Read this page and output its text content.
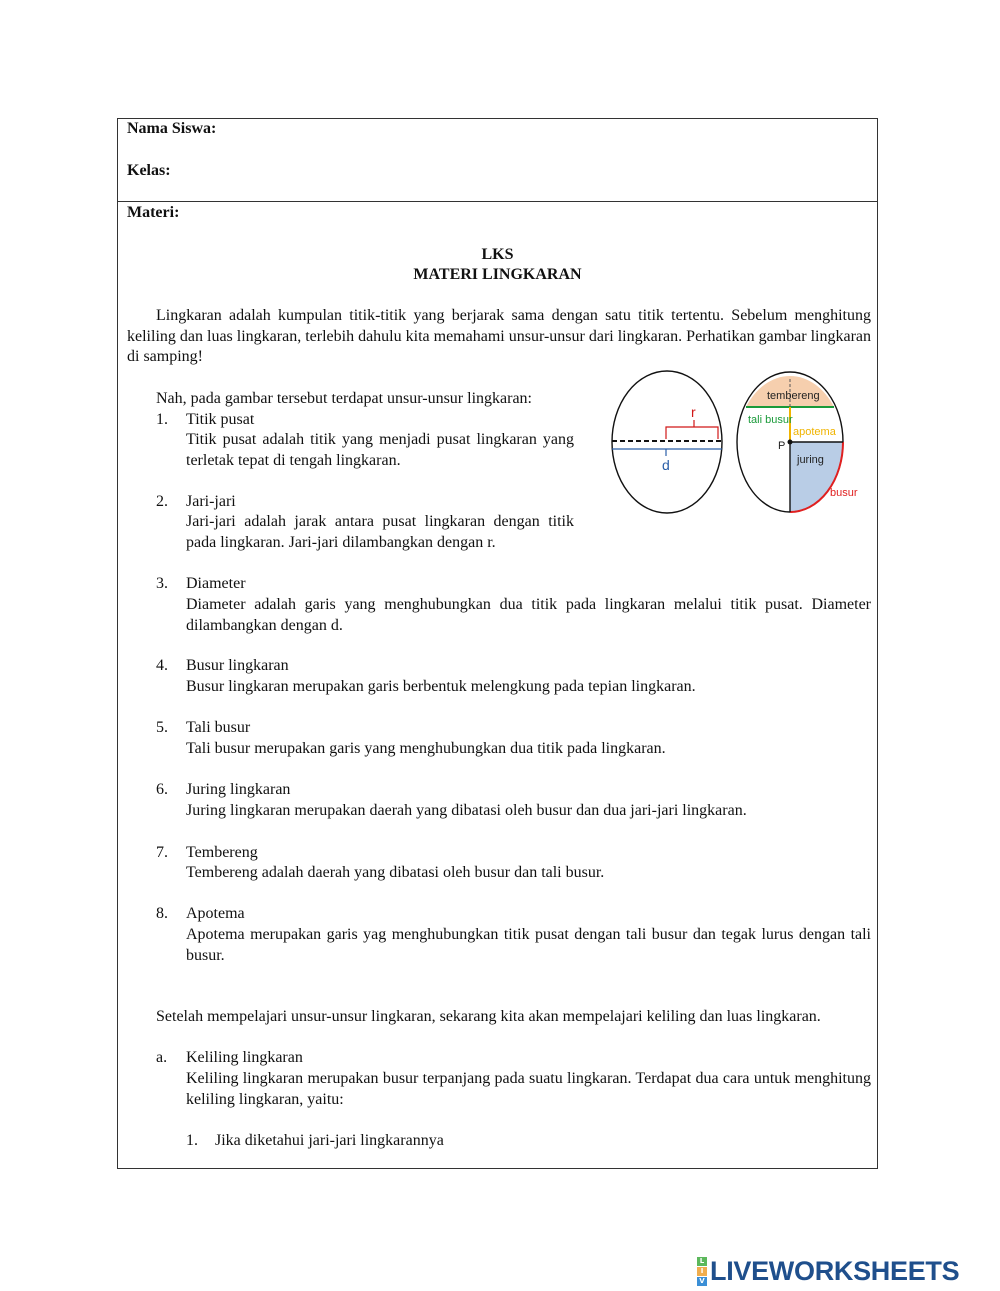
Nama Siswa:
Kelas:
Materi:
LKS
MATERI LINGKARAN
Lingkaran adalah kumpulan titik-titik yang berjarak sama dengan satu titik tertentu. Sebelum menghitung keliling dan luas lingkaran, terlebih dahulu kita memahami unsur-unsur dari lingkaran. Perhatikan gambar lingkaran di samping!
Nah, pada gambar tersebut terdapat unsur-unsur lingkaran:
1.	Titik pusat
Titik pusat adalah titik yang menjadi pusat lingkaran yang terletak tepat di tengah lingkaran.
2.	Jari-jari
Jari-jari adalah jarak antara pusat lingkaran dengan titik pada lingkaran. Jari-jari dilambangkan dengan r.
3.	Diameter
Diameter adalah garis yang menghubungkan dua titik pada lingkaran melalui titik pusat. Diameter dilambangkan dengan d.
4.	Busur lingkaran
Busur lingkaran merupakan garis berbentuk melengkung pada tepian lingkaran.
5.	Tali busur
Tali busur merupakan garis yang menghubungkan dua titik pada lingkaran.
6.	Juring lingkaran
Juring lingkaran merupakan daerah yang dibatasi oleh busur dan dua jari-jari lingkaran.
7.	Tembereng
Tembereng adalah daerah yang dibatasi oleh busur dan tali busur.
8.	Apotema
Apotema merupakan garis yag menghubungkan titik pusat dengan tali busur dan tegak lurus dengan tali busur.
Setelah mempelajari unsur-unsur lingkaran, sekarang kita akan mempelajari keliling dan luas lingkaran.
a.	Keliling lingkaran
Keliling lingkaran merupakan busur terpanjang pada suatu lingkaran. Terdapat dua cara untuk menghitung keliling lingkaran, yaitu:
1.	Jika diketahui jari-jari lingkarannya
r
d
tembereng
tali busur
apotema
P
juring
busur
L
I
V LIVEWORKSHEETS
